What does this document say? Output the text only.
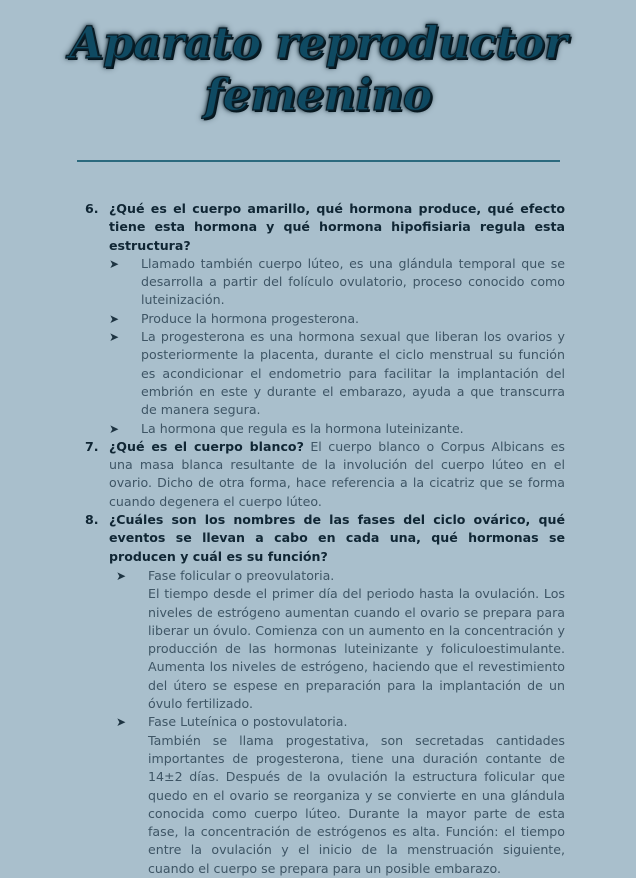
Aparato reproductor femenino
6. ¿Qué es el cuerpo amarillo, qué hormona produce, qué efecto tiene esta hormona y qué hormona hipofisiaria regula esta estructura?
➤	Llamado también cuerpo lúteo, es una glándula temporal que se desarrolla a partir del folículo ovulatorio, proceso conocido como luteinización.
➤	Produce la hormona progesterona.
➤	La progesterona es una hormona sexual que liberan los ovarios y posteriormente la placenta, durante el ciclo menstrual su función es acondicionar el endometrio para facilitar la implantación del embrión en este y durante el embarazo, ayuda a que transcurra de manera segura.
➤	La hormona que regula es la hormona luteinizante.
7. ¿Qué es el cuerpo blanco? El cuerpo blanco o Corpus Albicans es una masa blanca resultante de la involución del cuerpo lúteo en el ovario. Dicho de otra forma, hace referencia a la cicatriz que se forma cuando degenera el cuerpo lúteo.
8. ¿Cuáles son los nombres de las fases del ciclo ovárico, qué eventos se llevan a cabo en cada una, qué hormonas se producen y cuál es su función?
➤	Fase folicular o preovulatoria.
El tiempo desde el primer día del periodo hasta la ovulación. Los niveles de estrógeno aumentan cuando el ovario se prepara para liberar un óvulo. Comienza con un aumento en la concentración y producción de las hormonas luteinizante y foliculoestimulante. Aumenta los niveles de estrógeno, haciendo que el revestimiento del útero se espese en preparación para la implantación de un óvulo fertilizado.
➤	Fase Luteínica o postovulatoria.
También se llama progestativa, son secretadas cantidades importantes de progesterona, tiene una duración contante de 14±2 días. Después de la ovulación la estructura folicular que quedo en el ovario se reorganiza y se convierte en una glándula conocida como cuerpo lúteo. Durante la mayor parte de esta fase, la concentración de estrógenos es alta. Función: el tiempo entre la ovulación y el inicio de la menstruación siguiente, cuando el cuerpo se prepara para un posible embarazo.
